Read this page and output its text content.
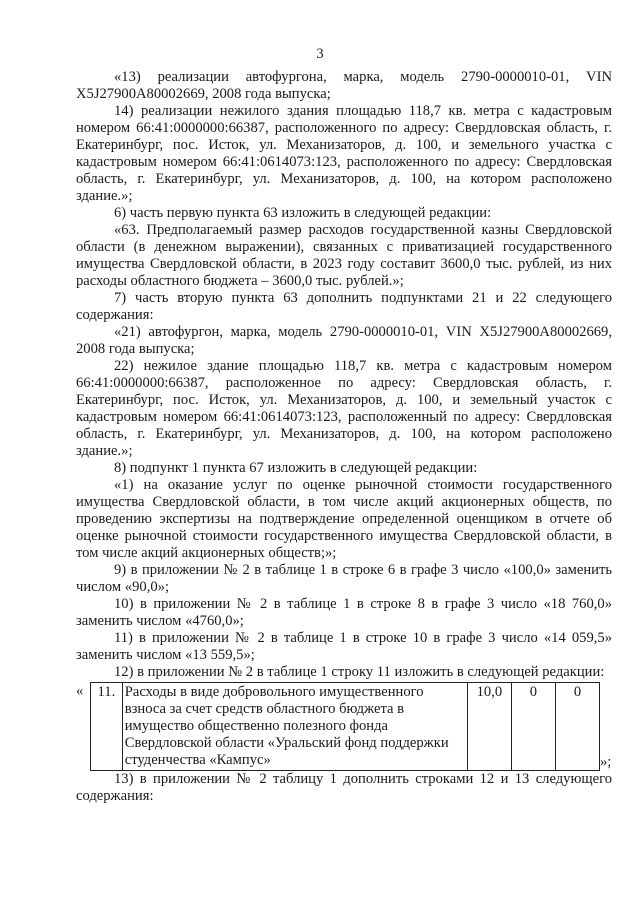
3

«13) реализации автофургона, марка, модель 2790-0000010-01, VIN X5J27900A80002669, 2008 года выпуска;

14) реализации нежилого здания площадью 118,7 кв. метра с кадастровым номером 66:41:0000000:66387, расположенного по адресу: Свердловская область, г. Екатеринбург, пос. Исток, ул. Механизаторов, д. 100, и земельного участка с кадастровым номером 66:41:0614073:123, расположенного по адресу: Свердловская область, г. Екатеринбург, ул. Механизаторов, д. 100, на котором расположено здание.»;

6) часть первую пункта 63 изложить в следующей редакции:

«63. Предполагаемый размер расходов государственной казны Свердловской области (в денежном выражении), связанных с приватизацией государственного имущества Свердловской области, в 2023 году составит 3600,0 тыс. рублей, из них расходы областного бюджета – 3600,0 тыс. рублей.»;

7) часть вторую пункта 63 дополнить подпунктами 21 и 22 следующего содержания:

«21) автофургон, марка, модель 2790-0000010-01, VIN X5J27900A80002669, 2008 года выпуска;

22) нежилое здание площадью 118,7 кв. метра с кадастровым номером 66:41:0000000:66387, расположенное по адресу: Свердловская область, г. Екатеринбург, пос. Исток, ул. Механизаторов, д. 100, и земельный участок с кадастровым номером 66:41:0614073:123, расположенный по адресу: Свердловская область, г. Екатеринбург, ул. Механизаторов, д. 100, на котором расположено здание.»;

8) подпункт 1 пункта 67 изложить в следующей редакции:

«1) на оказание услуг по оценке рыночной стоимости государственного имущества Свердловской области, в том числе акций акционерных обществ, по проведению экспертизы на подтверждение определенной оценщиком в отчете об оценке рыночной стоимости государственного имущества Свердловской области, в том числе акций акционерных обществ;»;

9) в приложении № 2 в таблице 1 в строке 6 в графе 3 число «100,0» заменить числом «90,0»;

10) в приложении № 2 в таблице 1 в строке 8 в графе 3 число «18 760,0» заменить числом «4760,0»;

11) в приложении № 2 в таблице 1 в строке 10 в графе 3 число «14 059,5» заменить числом «13 559,5»;

12) в приложении № 2 в таблице 1 строку 11 изложить в следующей редакции:

« 11.	Расходы в виде добровольного имущественного взноса за счет средств областного бюджета в имущество общественно полезного фонда Свердловской области «Уральский фонд поддержки студенчества «Кампус»	10,0	0	0
»;

13) в приложении № 2 таблицу 1 дополнить строками 12 и 13 следующего содержания:
